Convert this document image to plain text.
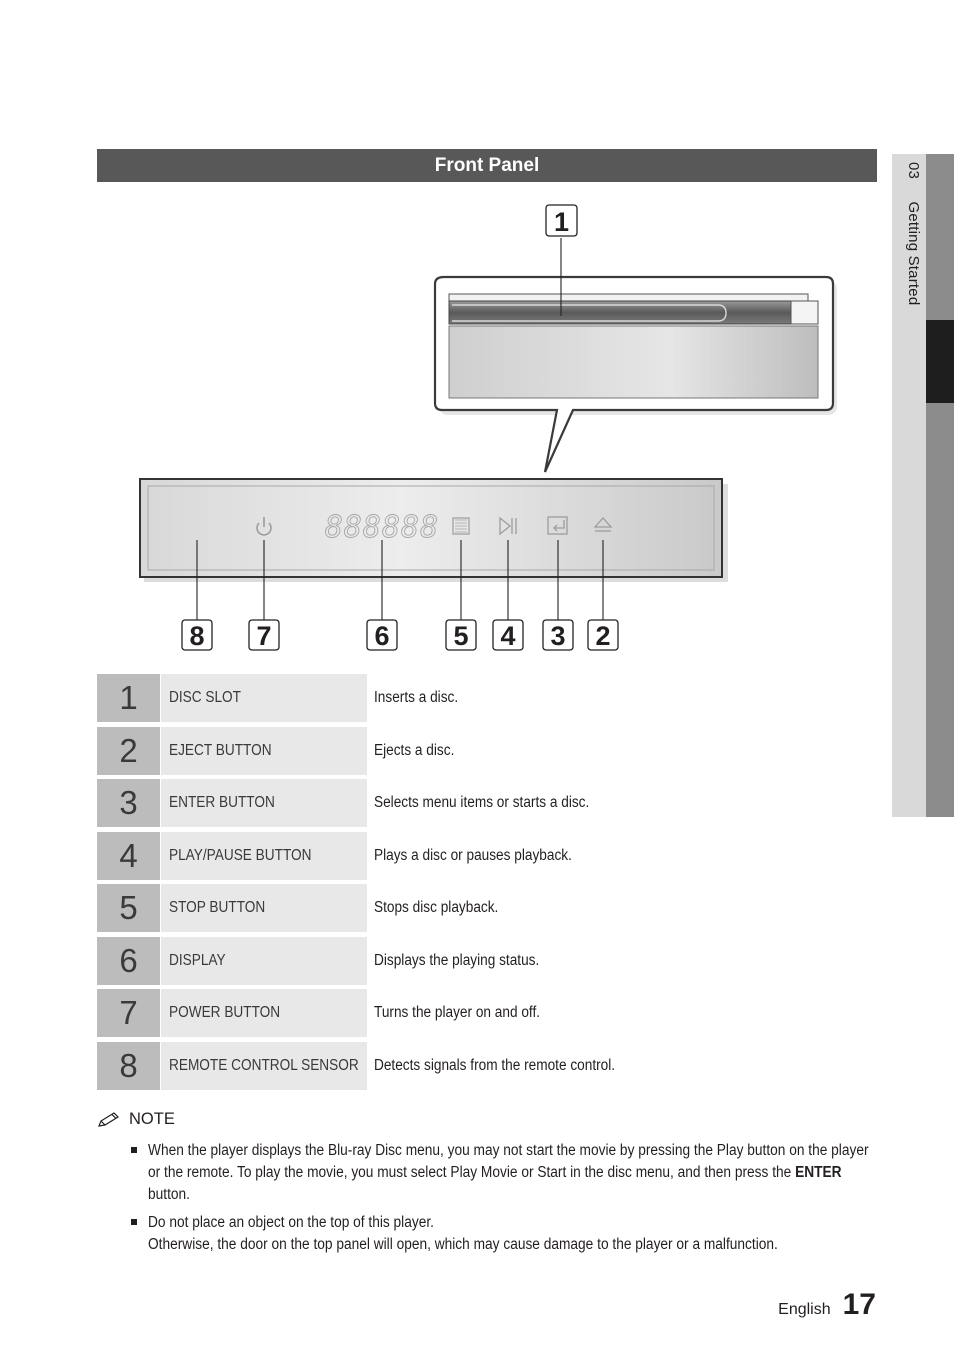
Front Panel	03 Getting Started
888888
1
8 7	6 5 4 3 2
1	DISC SLOT	Inserts a disc.
2	EJECT BUTTON	Ejects a disc.
3	ENTER BUTTON	Selects menu items or starts a disc.
4	PLAY/PAUSE BUTTON	Plays a disc or pauses playback.
5	STOP BUTTON	Stops disc playback.
6	DISPLAY	Displays the playing status.
7	POWER BUTTON	Turns the player on and off.
8	REMOTE CONTROL SENSOR Detects signals from the remote control.
NOTE
When the player displays the Blu-ray Disc menu, you may not start the movie by pressing the Play button on the player or the remote. To play the movie, you must select Play Movie or Start in the disc menu, and then press the ENTER button.
Do not place an object on the top of this player.
Otherwise, the door on the top panel will open, which may cause damage to the player or a malfunction.
English 17
